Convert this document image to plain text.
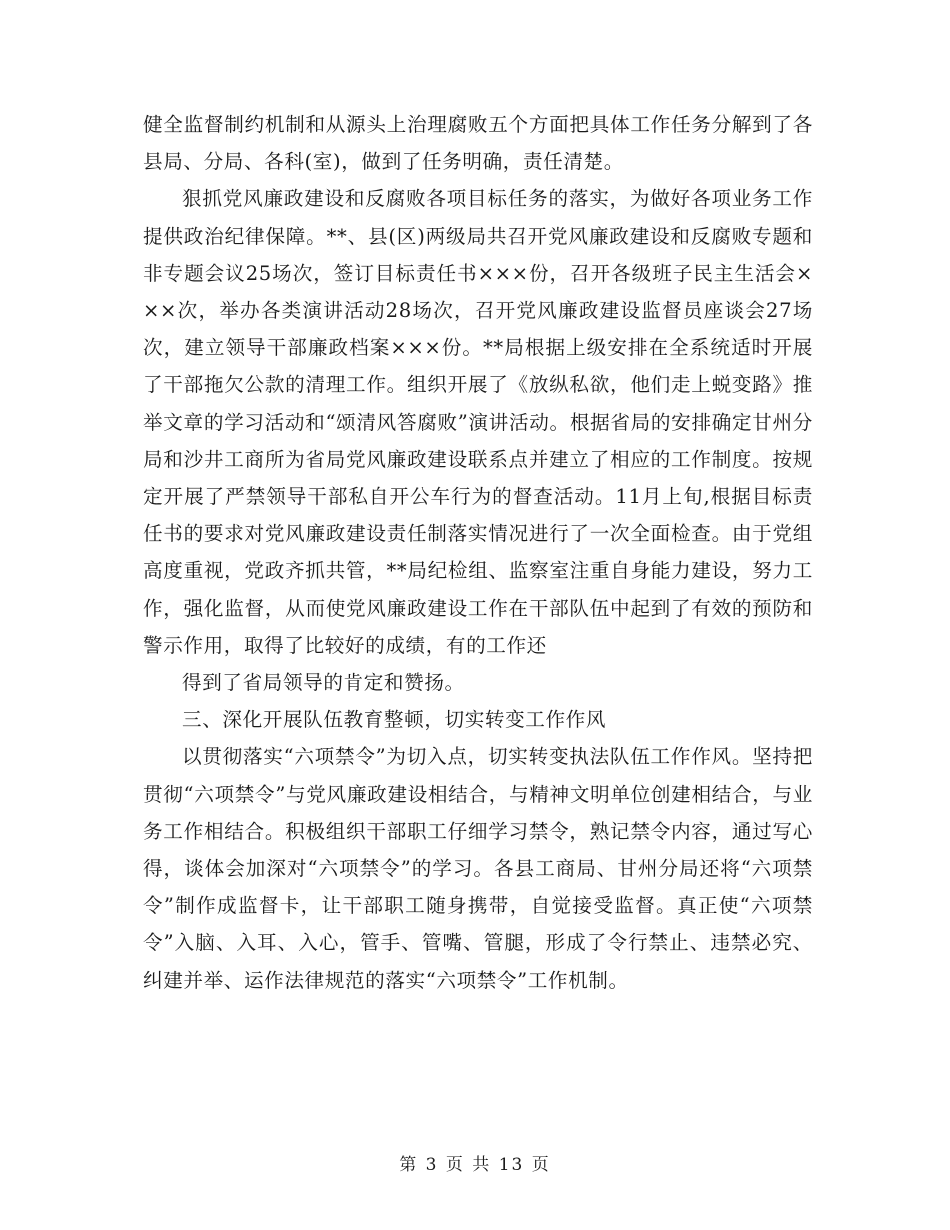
健全监督制约机制和从源头上治理腐败五个方面把具体工作任务分解到了各县局、分局、各科(室)，做到了任务明确，责任清楚。

狠抓党风廉政建设和反腐败各项目标任务的落实，为做好各项业务工作提供政治纪律保障。**、县(区)两级局共召开党风廉政建设和反腐败专题和非专题会议25场次，签订目标责任书×××份，召开各级班子民主生活会×××次，举办各类演讲活动28场次，召开党风廉政建设监督员座谈会27场次，建立领导干部廉政档案×××份。**局根据上级安排在全系统适时开展了干部拖欠公款的清理工作。组织开展了《放纵私欲，他们走上蜕变路》推举文章的学习活动和“颂清风答腐败”演讲活动。根据省局的安排确定甘州分局和沙井工商所为省局党风廉政建设联系点并建立了相应的工作制度。按规定开展了严禁领导干部私自开公车行为的督查活动。11月上旬,根据目标责任书的要求对党风廉政建设责任制落实情况进行了一次全面检查。由于党组高度重视，党政齐抓共管，**局纪检组、监察室注重自身能力建设，努力工作，强化监督，从而使党风廉政建设工作在干部队伍中起到了有效的预防和警示作用，取得了比较好的成绩，有的工作还

得到了省局领导的肯定和赞扬。

三、深化开展队伍教育整顿，切实转变工作作风

以贯彻落实“六项禁令”为切入点，切实转变执法队伍工作作风。坚持把贯彻“六项禁令”与党风廉政建设相结合，与精神文明单位创建相结合，与业务工作相结合。积极组织干部职工仔细学习禁令，熟记禁令内容，通过写心得，谈体会加深对“六项禁令”的学习。各县工商局、甘州分局还将“六项禁令”制作成监督卡，让干部职工随身携带，自觉接受监督。真正使“六项禁令”入脑、入耳、入心，管手、管嘴、管腿，形成了令行禁止、违禁必究、纠建并举、运作法律规范的落实“六项禁令”工作机制。

第 3 页 共 13 页
